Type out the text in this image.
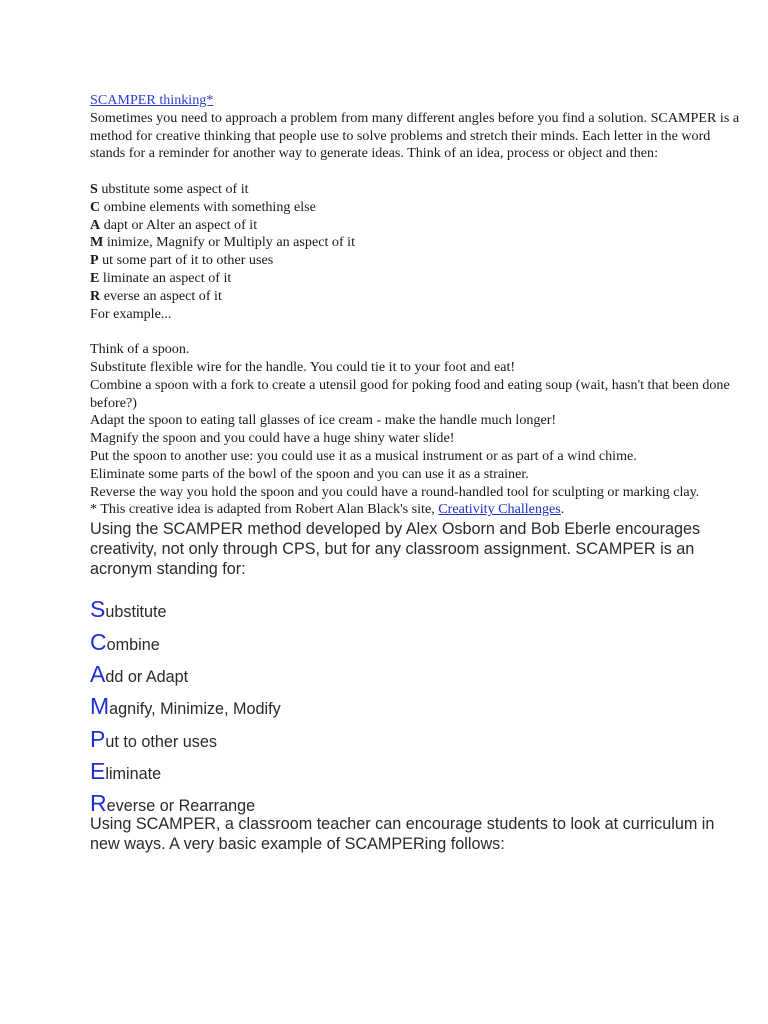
SCAMPER thinking*

Sometimes you need to approach a problem from many different angles before you find a solution. SCAMPER is a method for creative thinking that people use to solve problems and stretch their minds. Each letter in the word stands for a reminder for another way to generate ideas. Think of an idea, process or object and then:

S ubstitute some aspect of it
C ombine elements with something else
A dapt or Alter an aspect of it
M inimize, Magnify or Multiply an aspect of it
P ut some part of it to other uses
E liminate an aspect of it
R everse an aspect of it
For example...
Think of a spoon.
Substitute flexible wire for the handle. You could tie it to your foot and eat!
Combine a spoon with a fork to create a utensil good for poking food and eating soup (wait, hasn't that been done before?)
Adapt the spoon to eating tall glasses of ice cream - make the handle much longer!
Magnify the spoon and you could have a huge shiny water slide!
Put the spoon to another use: you could use it as a musical instrument or as part of a wind chime.
Eliminate some parts of the bowl of the spoon and you can use it as a strainer.
Reverse the way you hold the spoon and you could have a round-handled tool for sculpting or marking clay.
* This creative idea is adapted from Robert Alan Black's site, Creativity Challenges.

Using the SCAMPER method developed by Alex Osborn and Bob Eberle encourages creativity, not only through CPS, but for any classroom assignment. SCAMPER is an acronym standing for:

Substitute
Combine
Add or Adapt
Magnify, Minimize, Modify
Put to other uses
Eliminate
Reverse or Rearrange

Using SCAMPER, a classroom teacher can encourage students to look at curriculum in new ways. A very basic example of SCAMPERing follows:
